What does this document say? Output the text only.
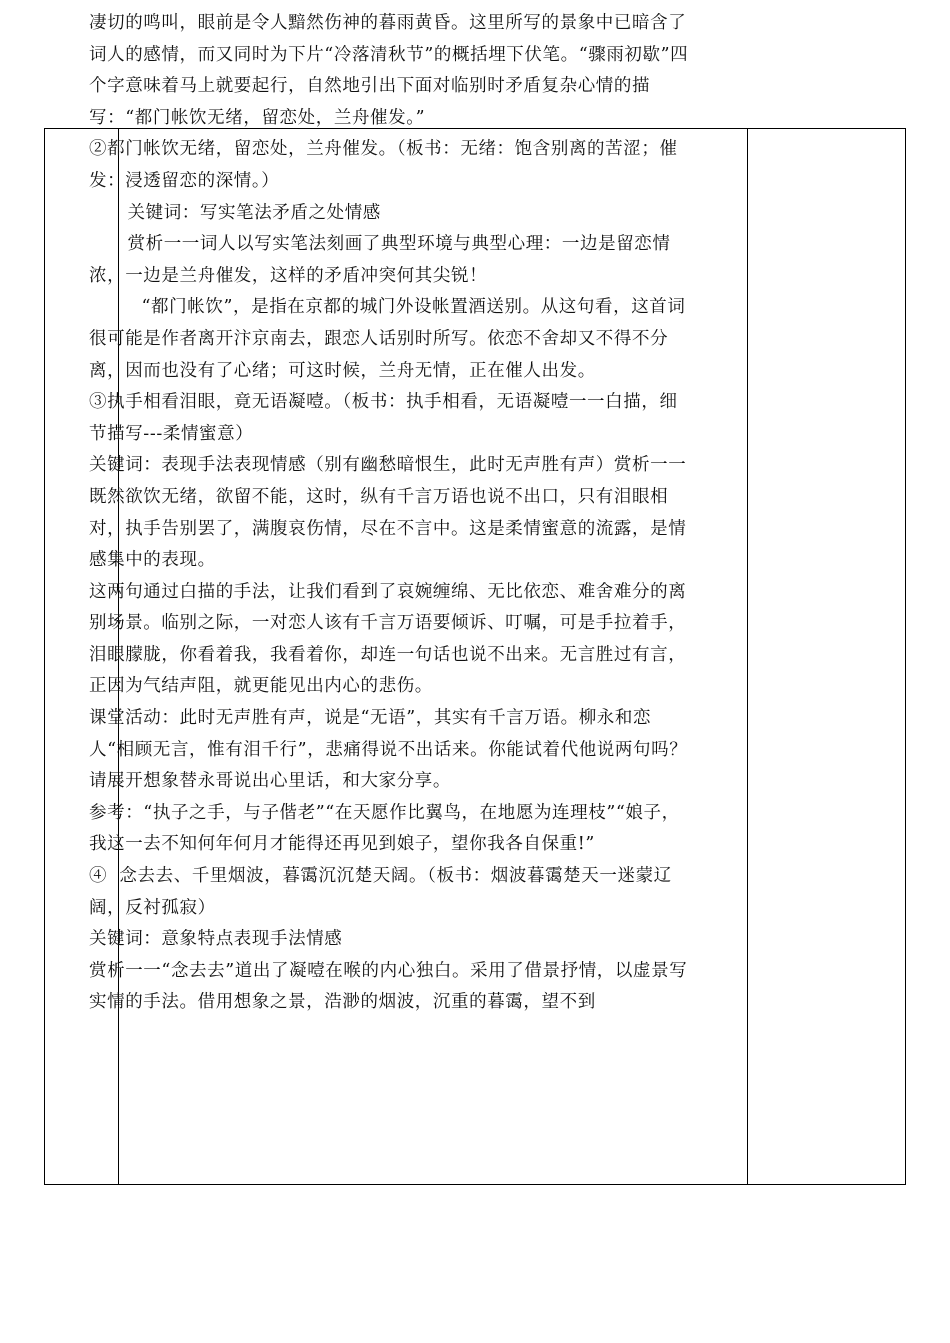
凄切的鸣叫，眼前是令人黯然伤神的暮雨黄昏。这里所写的景象中已暗含了词人的感情，而又同时为下片“冷落清秋节”的概括埋下伏笔。“骤雨初歇”四个字意味着马上就要起行，自然地引出下面对临别时矛盾复杂心情的描写：“都门帐饮无绪，留恋处，兰舟催发。”

②都门帐饮无绪，留恋处，兰舟催发。（板书：无绪：饱含别离的苦涩；催发：浸透留恋的深情。）

关键词：写实笔法矛盾之处情感

赏析一一词人以写实笔法刻画了典型环境与典型心理：一边是留恋情浓，一边是兰舟催发，这样的矛盾冲突何其尖锐！

“都门帐饮”，是指在京都的城门外设帐置酒送别。从这句看，这首词很可能是作者离开汴京南去，跟恋人话别时所写。依恋不舍却又不得不分离，因而也没有了心绪；可这时候，兰舟无情，正在催人出发。

③执手相看泪眼，竟无语凝噎。（板书：执手相看，无语凝噎一一白描，细节描写---柔情蜜意）

关键词：表现手法表现情感（别有幽愁暗恨生，此时无声胜有声）赏析一一既然欲饮无绪，欲留不能，这时，纵有千言万语也说不出口，只有泪眼相对，执手告别罢了，满腹哀伤情，尽在不言中。这是柔情蜜意的流露，是情感集中的表现。

这两句通过白描的手法，让我们看到了哀婉缠绵、无比依恋、难舍难分的离别场景。临别之际，一对恋人该有千言万语要倾诉、叮嘱，可是手拉着手，泪眼朦胧，你看着我，我看着你，却连一句话也说不出来。无言胜过有言，正因为气结声阻，就更能见出内心的悲伤。

课堂活动：此时无声胜有声，说是“无语”，其实有千言万语。柳永和恋人“相顾无言，惟有泪千行”，悲痛得说不出话来。你能试着代他说两句吗？请展开想象替永哥说出心里话，和大家分享。

参考：“执子之手，与子偕老”“在天愿作比翼鸟，在地愿为连理枝”“娘子，我这一去不知何年何月才能得还再见到娘子，望你我各自保重!”

④  念去去、千里烟波，暮霭沉沉楚天阔。（板书：烟波暮霭楚天一迷蒙辽阔，反衬孤寂）

关键词：意象特点表现手法情感

赏析一一“念去去”道出了凝噎在喉的内心独白。采用了借景抒情，以虚景写实情的手法。借用想象之景，浩渺的烟波，沉重的暮霭，望不到
